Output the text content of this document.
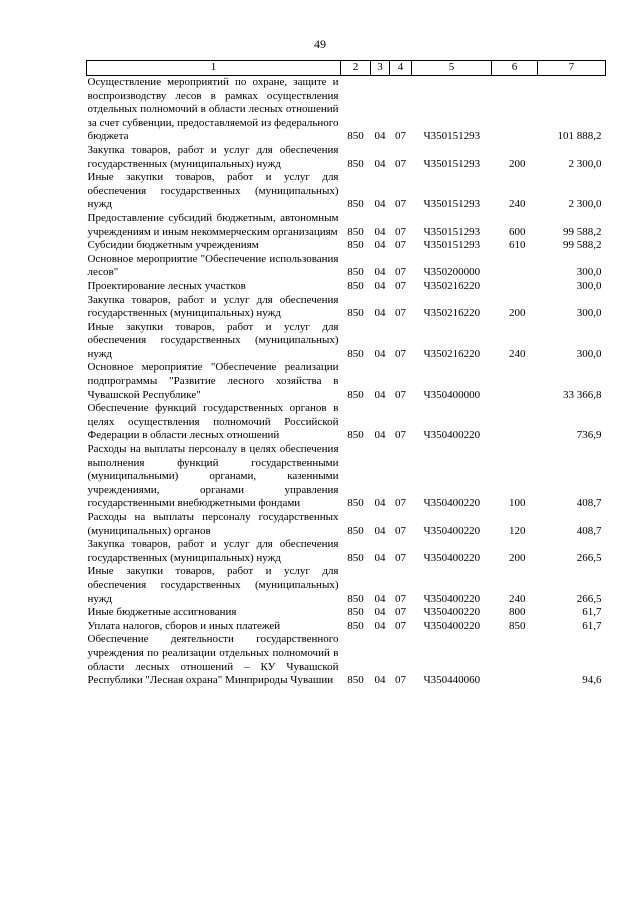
49
1	2	3	4	5	6	7
Осуществление мероприятий по охране, защите и воспроизводству лесов в рамках осуществления отдельных полномочий в области лесных отношений за счет субвенции, предоставляемой из федерального бюджета	850	04	07	Ч350151293		101 888,2
Закупка товаров, работ и услуг для обеспечения государственных (муниципальных) нужд	850	04	07	Ч350151293	200	2 300,0
Иные закупки товаров, работ и услуг для обеспечения государственных (муниципальных) нужд	850	04	07	Ч350151293	240	2 300,0
Предоставление субсидий бюджетным, автономным учреждениям и иным некоммерческим организациям	850	04	07	Ч350151293	600	99 588,2
Субсидии бюджетным учреждениям	850	04	07	Ч350151293	610	99 588,2
Основное мероприятие "Обеспечение использования лесов"	850	04	07	Ч350200000		300,0
Проектирование лесных участков	850	04	07	Ч350216220		300,0
Закупка товаров, работ и услуг для обеспечения государственных (муниципальных) нужд	850	04	07	Ч350216220	200	300,0
Иные закупки товаров, работ и услуг для обеспечения государственных (муниципальных) нужд	850	04	07	Ч350216220	240	300,0
Основное мероприятие "Обеспечение реализации подпрограммы "Развитие лесного хозяйства в Чувашской Республике"	850	04	07	Ч350400000		33 366,8
Обеспечение функций государственных органов в целях осуществления полномочий Российской Федерации в области лесных отношений	850	04	07	Ч350400220		736,9
Расходы на выплаты персоналу в целях обеспечения выполнения функций государственными (муниципальными) органами, казенными учреждениями, органами управления государственными внебюджетными фондами	850	04	07	Ч350400220	100	408,7
Расходы на выплаты персоналу государственных (муниципальных) органов	850	04	07	Ч350400220	120	408,7
Закупка товаров, работ и услуг для обеспечения государственных (муниципальных) нужд	850	04	07	Ч350400220	200	266,5
Иные закупки товаров, работ и услуг для обеспечения государственных (муниципальных) нужд	850	04	07	Ч350400220	240	266,5
Иные бюджетные ассигнования	850	04	07	Ч350400220	800	61,7
Уплата налогов, сборов и иных платежей	850	04	07	Ч350400220	850	61,7
Обеспечение деятельности государственного учреждения по реализации отдельных полномочий в области лесных отношений – КУ Чувашской Республики "Лесная охрана" Минприроды Чувашии	850	04	07	Ч350440060		94,6
